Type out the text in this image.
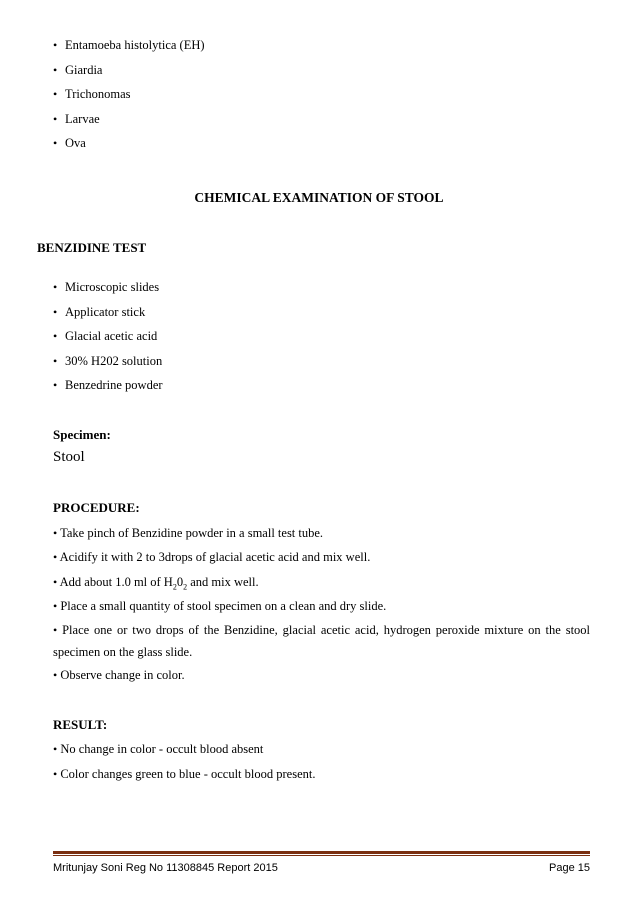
• Entamoeba histolytica (EH)
• Giardia
• Trichonomas
• Larvae
• Ova
CHEMICAL EXAMINATION OF STOOL
BENZIDINE TEST
• Microscopic slides
• Applicator stick
• Glacial acetic acid
• 30% H202 solution
• Benzedrine powder
Specimen:
Stool
PROCEDURE:

• Take pinch of Benzidine powder in a small test tube.

• Acidify it with 2 to 3drops of glacial acetic acid and mix well.

• Add about 1.0 ml of $H_20_2$ and mix well.

• Place a small quantity of stool specimen on a clean and dry slide.

• Place one or two drops of the Benzidine, glacial acetic acid, hydrogen peroxide mixture on the stool

specimen on the glass slide.

• Observe change in color.

RESULT:

• No change in color - occult blood absent

• Color changes green to blue - occult blood present.

Mritunjay Soni Reg No 11308845 Report 2015	Page 15
